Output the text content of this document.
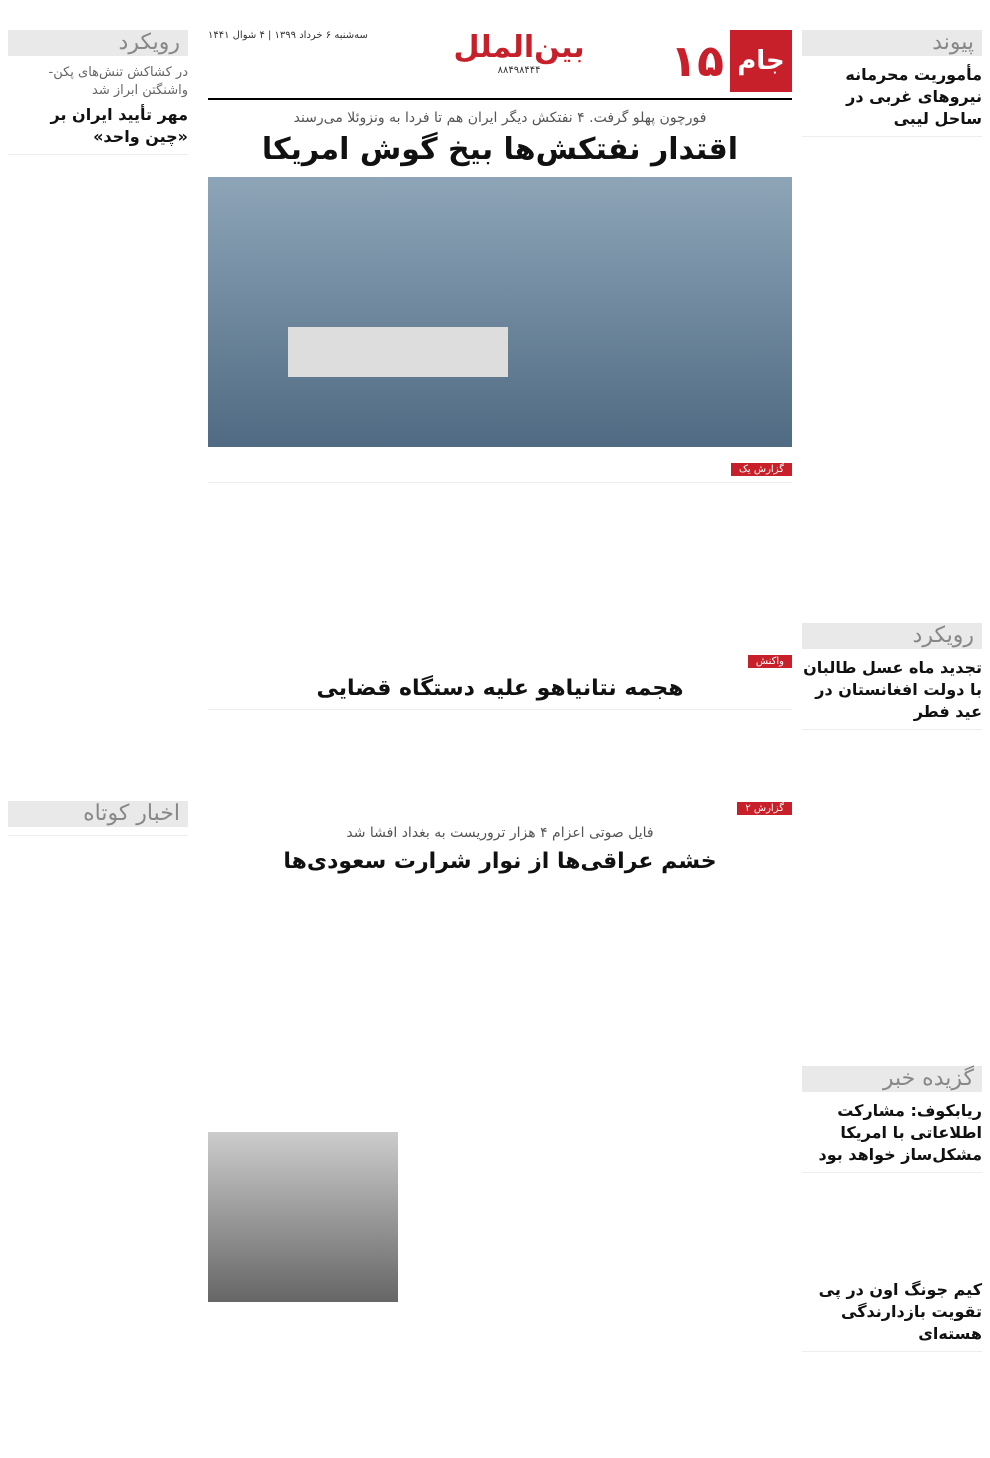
رویکرد
در کشاکش تنش‌های پکن-واشنگتن ابراز شد
مهر تأیید ایران بر «چین واحد»
اخبار کوتاه
جام
۱۵
بین‌الملل
۸۸۴۹۸۴۴۴
سه‌شنبه ۶ خرداد ۱۳۹۹ | ۴ شوال ۱۴۴۱
فورچون پهلو گرفت. ۴ نفتکش دیگر ایران هم تا فردا به ونزوئلا می‌رسند
اقتدار نفتکش‌ها بیخ گوش امریکا
گزارش یک
واکنش
هجمه نتانیاهو علیه دستگاه قضایی
گزارش ۲
فایل صوتی اعزام ۴ هزار تروریست به بغداد افشا شد
خشم عراقی‌ها از نوار شرارت سعودی‌ها
پیوند
مأموریت محرمانه نیروهای غربی در ساحل لیبی
رویکرد
تجدید ماه عسل طالبان با دولت افغانستان در عید فطر
گزیده خبر
ریابکوف: مشارکت اطلاعاتی با امریکا مشکل‌ساز خواهد بود
کیم جونگ اون در پی تقویت بازدارندگی هسته‌ای
